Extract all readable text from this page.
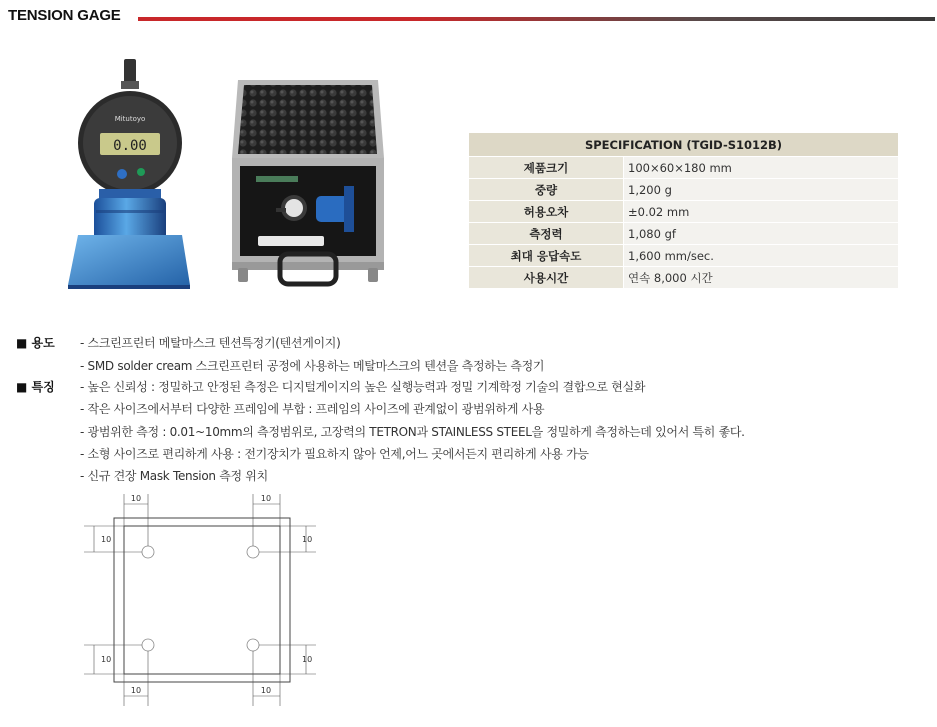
TENSION GAGE
Mitutoyo
0.00	SPECIFICATION (TGID-S1012B)	
제품크기	100×60×180 mm
중량	1,200 g
허용오차	±0.02 mm
측정력	1,080 gf
최대 응답속도	1,600 mm/sec.
사용시간	연속 8,000 시간
■ 용도 - 스크린프린터 메탈마스크 텐션특정기(텐션게이지)
- SMD solder cream 스크린프린터 공정에 사용하는 메탈마스크의 텐션을 측정하는 측정기
■ 특징 - 높은 신뢰성 : 정밀하고 안정된 측정은 디지털게이지의 높은 실행능력과 정밀 기계학정 기술의 결합으로 현실화
- 작은 사이즈에서부터 다양한 프레임에 부합 : 프레임의 사이즈에 관계없이 광범위하게 사용
- 광범위한 측정 : 0.01~10mm의 측정범위로, 고장력의 TETRON과 STAINLESS STEEL을 정밀하게 측정하는데 있어서 특히 좋다.
- 소형 사이즈로 편리하게 사용 : 전기장치가 필요하지 않아 언제,어느 곳에서든지 편리하게 사용 가능
- 신규 견장 Mask Tension 측정 위치
10	10
10	10
10	10
10	10
